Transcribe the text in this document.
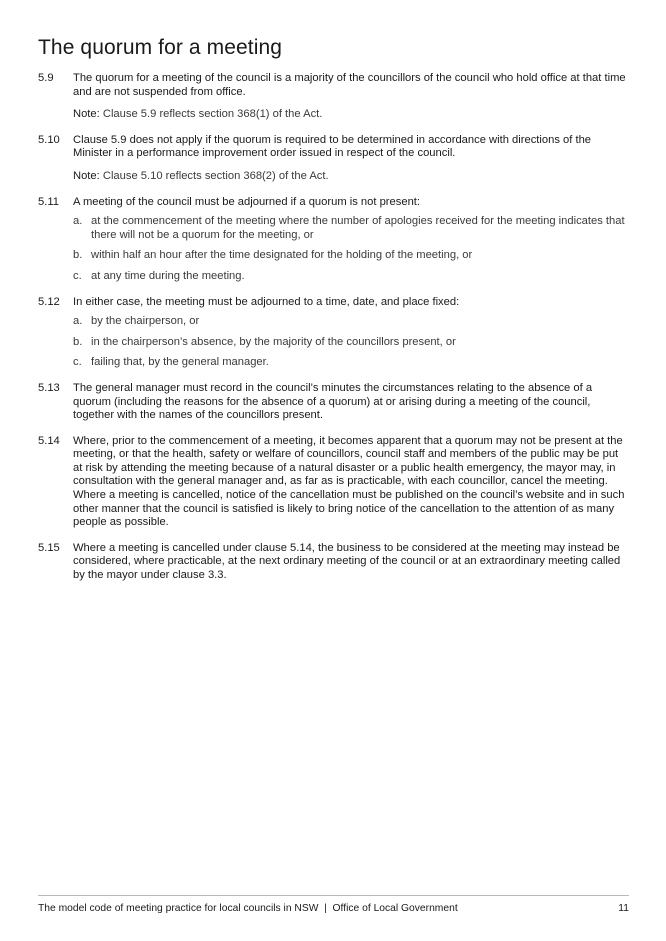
The quorum for a meeting
5.9	The quorum for a meeting of the council is a majority of the councillors of the council who hold office at that time and are not suspended from office.

Note: Clause 5.9 reflects section 368(1) of the Act.
5.10	Clause 5.9 does not apply if the quorum is required to be determined in accordance with directions of the Minister in a performance improvement order issued in respect of the council.

Note: Clause 5.10 reflects section 368(2) of the Act.
5.11	A meeting of the council must be adjourned if a quorum is not present:

a. at the commencement of the meeting where the number of apologies received for the meeting indicates that there will not be a quorum for the meeting, or
b. within half an hour after the time designated for the holding of the meeting, or
c. at any time during the meeting.
5.12	In either case, the meeting must be adjourned to a time, date, and place fixed:

a. by the chairperson, or
b. in the chairperson’s absence, by the majority of the councillors present, or
c. failing that, by the general manager.
5.13	The general manager must record in the council’s minutes the circumstances relating to the absence of a quorum (including the reasons for the absence of a quorum) at or arising during a meeting of the council, together with the names of the councillors present.

5.14	Where, prior to the commencement of a meeting, it becomes apparent that a quorum may not be present at the meeting, or that the health, safety or welfare of councillors, council staff and members of the public may be put at risk by attending the meeting because of a natural disaster or a public health emergency, the mayor may, in consultation with the general manager and, as far as is practicable, with each councillor, cancel the meeting. Where a meeting is cancelled, notice of the cancellation must be published on the council’s website and in such other manner that the council is satisfied is likely to bring notice of the cancellation to the attention of as many people as possible.

5.15	Where a meeting is cancelled under clause 5.14, the business to be considered at the meeting may instead be considered, where practicable, at the next ordinary meeting of the council or at an extraordinary meeting called by the mayor under clause 3.3.

The model code of meeting practice for local councils in NSW  |  Office of Local Government	11
